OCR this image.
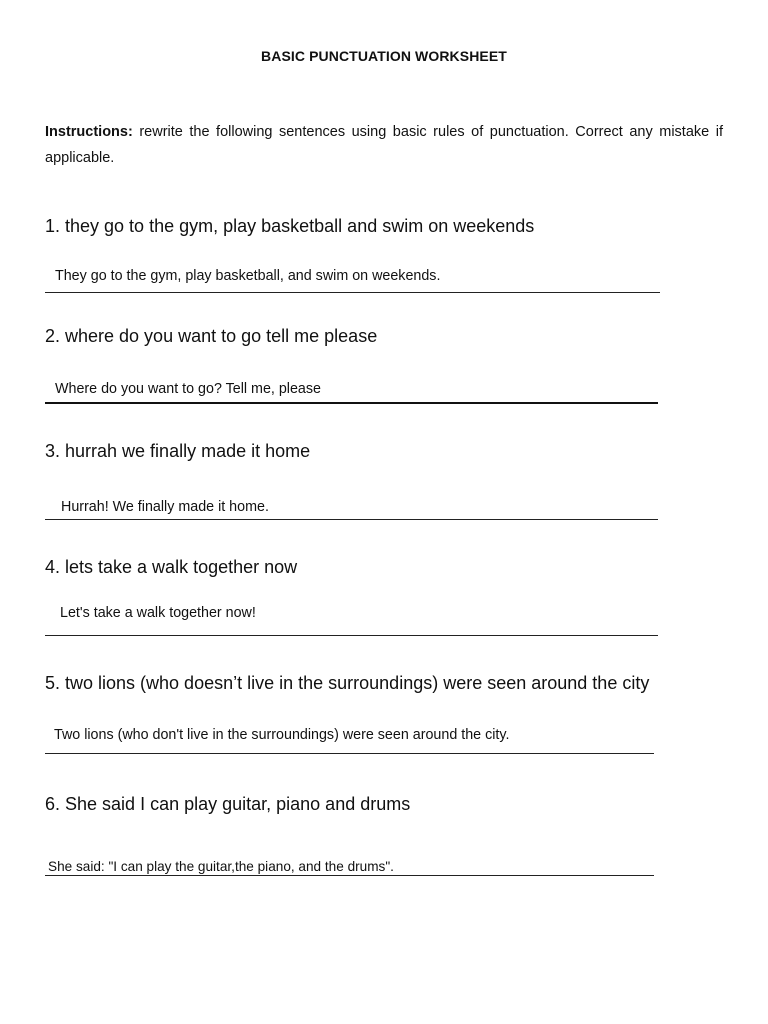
BASIC PUNCTUATION WORKSHEET
Instructions: rewrite the following sentences using basic rules of punctuation. Correct any mistake if applicable.
1. they go to the gym, play basketball and swim on weekends
They go to the gym, play basketball, and swim on weekends.
2. where do you want to go tell me please
Where do you want to go? Tell me, please
3. hurrah we finally made it home
Hurrah! We finally made it home.
4. lets take a walk together now
Let's take a walk together now!
5. two lions (who doesn’t live in the surroundings) were seen around the city
Two lions (who don't live in the surroundings) were seen around the city.
6. She said I can play guitar, piano and drums
She said: "I can play the guitar,the piano, and the drums".
